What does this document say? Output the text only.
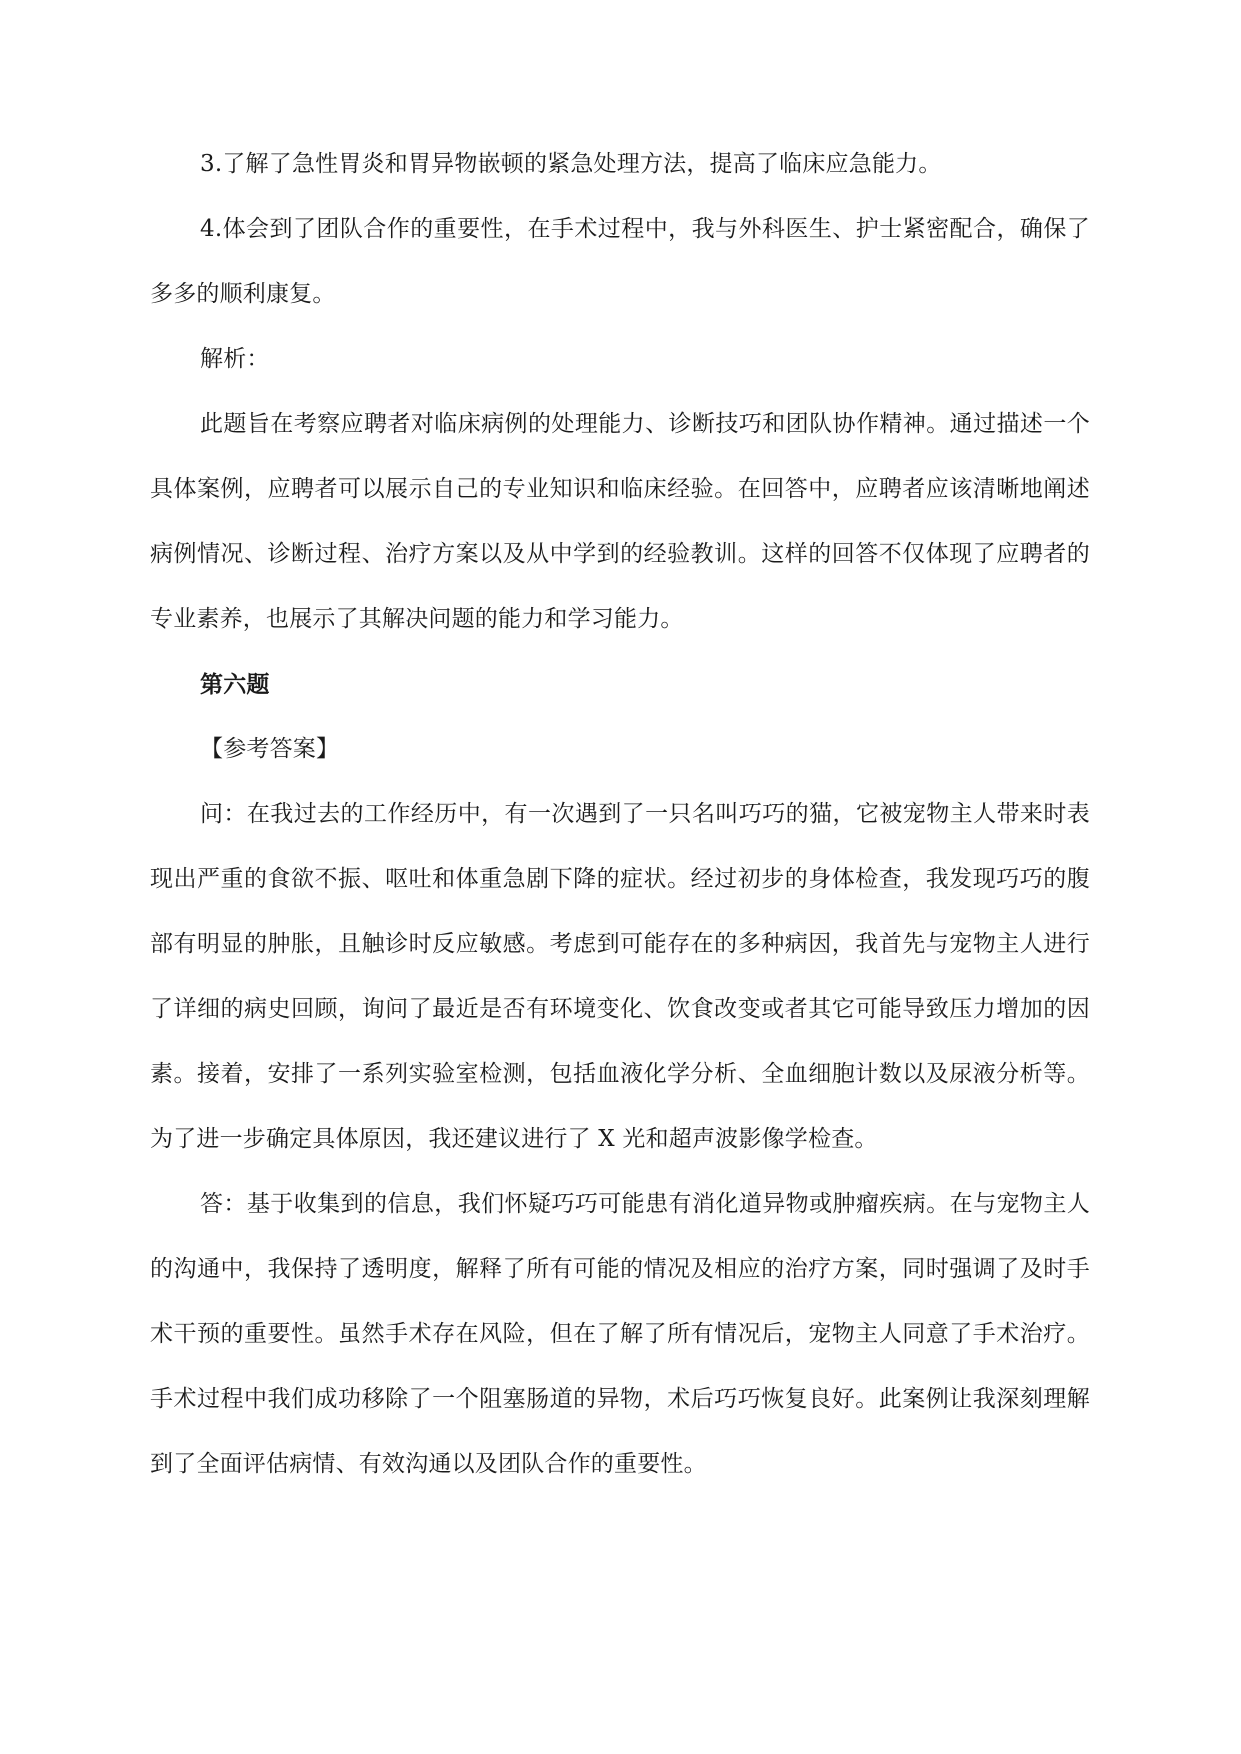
3.了解了急性胃炎和胃异物嵌顿的紧急处理方法，提高了临床应急能力。

4.体会到了团队合作的重要性，在手术过程中，我与外科医生、护士紧密配合，确保了多多的顺利康复。

解析：

此题旨在考察应聘者对临床病例的处理能力、诊断技巧和团队协作精神。通过描述一个具体案例，应聘者可以展示自己的专业知识和临床经验。在回答中，应聘者应该清晰地阐述病例情况、诊断过程、治疗方案以及从中学到的经验教训。这样的回答不仅体现了应聘者的专业素养，也展示了其解决问题的能力和学习能力。

第六题

【参考答案】

问：在我过去的工作经历中，有一次遇到了一只名叫巧巧的猫，它被宠物主人带来时表现出严重的食欲不振、呕吐和体重急剧下降的症状。经过初步的身体检查，我发现巧巧的腹部有明显的肿胀，且触诊时反应敏感。考虑到可能存在的多种病因，我首先与宠物主人进行了详细的病史回顾，询问了最近是否有环境变化、饮食改变或者其它可能导致压力增加的因素。接着，安排了一系列实验室检测，包括血液化学分析、全血细胞计数以及尿液分析等。为了进一步确定具体原因，我还建议进行了 X 光和超声波影像学检查。

答：基于收集到的信息，我们怀疑巧巧可能患有消化道异物或肿瘤疾病。在与宠物主人的沟通中，我保持了透明度，解释了所有可能的情况及相应的治疗方案，同时强调了及时手术干预的重要性。虽然手术存在风险，但在了解了所有情况后，宠物主人同意了手术治疗。手术过程中我们成功移除了一个阻塞肠道的异物，术后巧巧恢复良好。此案例让我深刻理解到了全面评估病情、有效沟通以及团队合作的重要性。
